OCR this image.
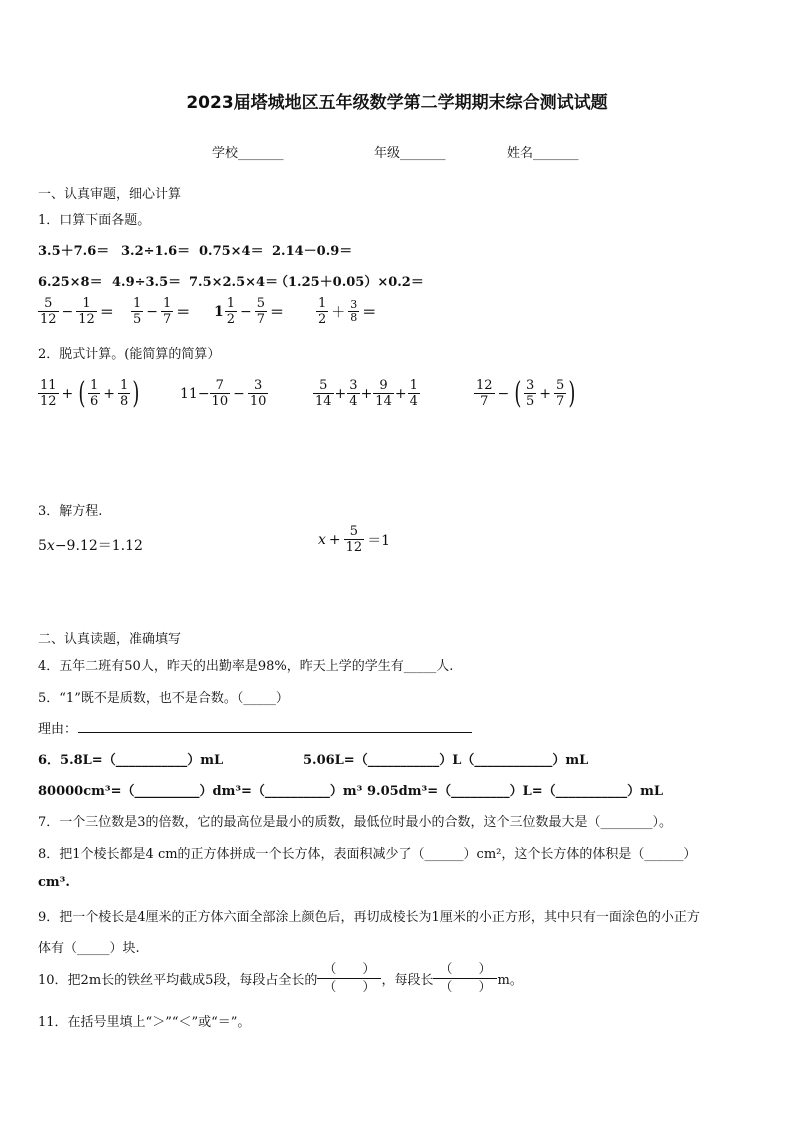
2023届塔城地区五年级数学第二学期期末综合测试试题
学校_______	年级_______	姓名_______
一、认真审题，细心计算
1．口算下面各题。
3.5＋7.6＝ 3.2÷1.6＝ 0.75×4＝ 2.14－0.9＝
6.25×8＝ 4.9÷3.5＝ 7.5×2.5×4＝
（1.25＋0.05）×0.2＝
$\frac{5}{12} - \frac{1}{12} = \frac{1}{5} - \frac{1}{7} = 1 \frac{1}{2} - \frac{5}{7} = \frac{1}{2} + \frac{3}{8}$ ＝
2．脱式计算。(能简算的简算）
$\frac{11}{12}$ + ( $\frac{1}{6} + \frac{1}{8}$ )	$11- \frac{7}{10} - \frac{3}{10}$	$\frac{5}{14} + \frac{3}{4} + \frac{9}{14} + \frac{1}{4}$	$\frac{12}{7}$ − ( $\frac{3}{5} + \frac{5}{7}$ )
3．解方程.
5x−9.12＝1.12	$x + \frac{5}{12} =1$
二、认真读题，准确填写
4．五年二班有50人，昨天的出勤率是98%，昨天上学的学生有_____人.
5．“1”既不是质数，也不是合数。（_____）
理由：
6．5.8L=（___________）mL	5.06L=（___________）L（____________）mL
80000cm³=（__________）dm³=（__________）m³ 9.05dm³=（_________）L=（___________）mL
7．一个三位数是3的倍数，它的最高位是最小的质数，最低位时最小的合数，这个三位数最大是（________）。
8．把1个棱长都是4 cm的正方体拼成一个长方体，表面积减少了（______）cm²，这个长方体的体积是（______）
cm³.
9．把一个棱长是4厘米的正方体六面全部涂上颜色后，再切成棱长为1厘米的小正方形，其中只有一面涂色的小正方
体有（_____）块.
10．把2m长的铁丝平均截成5段，每段占全长的
（　　）
（　　） ，每段长
（　　）
（　　） m。
11．在括号里填上“＞”“＜”或“＝”。
